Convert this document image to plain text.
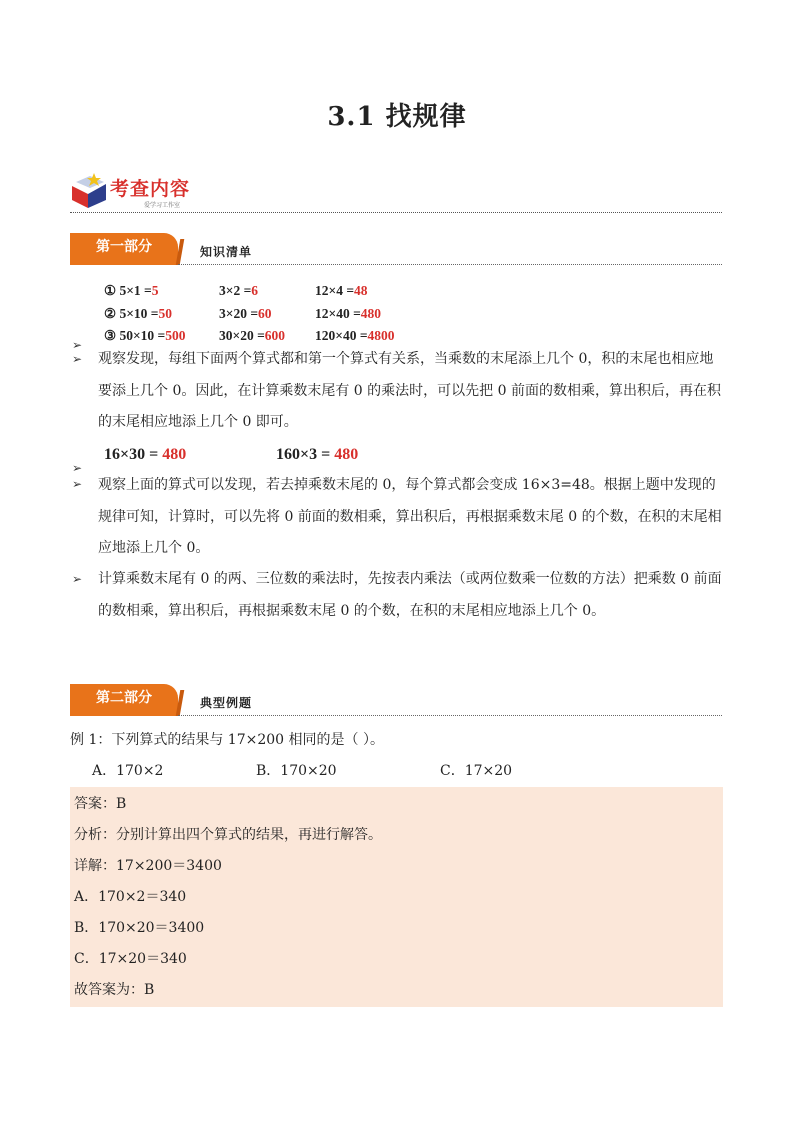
3.1 找规律
考查内容
爱学习工作室
第一部分	知识清单
① 5×1 =5	3×2 =6	12×4 =48
② 5×10 =50	3×20 =60	12×40 =480
③ 50×10 =500 30×20 =600 120×40 =4800
➢
➢ 观察发现，每组下面两个算式都和第一个算式有关系，当乘数的末尾添上几个 0，积的末尾也相应地要添上几个 0。因此，在计算乘数末尾有 0 的乘法时，可以先把 0 前面的数相乘，算出积后，再在积的末尾相应地添上几个 0 即可。
16×30 = 480	160×3 = 480
➢
➢ 观察上面的算式可以发现，若去掉乘数末尾的 0，每个算式都会变成 16×3=48。根据上题中发现的规律可知，计算时，可以先将 0 前面的数相乘，算出积后，再根据乘数末尾 0 的个数，在积的末尾相应地添上几个 0。
➢ 计算乘数末尾有 0 的两、三位数的乘法时，先按表内乘法（或两位数乘一位数的方法）把乘数 0 前面的数相乘，算出积后，再根据乘数末尾 0 的个数，在积的末尾相应地添上几个 0。
第二部分	典型例题
例 1：下列算式的结果与 17×200 相同的是（ ）。
A．170×2	B．170×20	C．17×20
答案：B
分析：分别计算出四个算式的结果，再进行解答。
详解：17×200＝3400
A．170×2＝340
B．170×20＝3400
C．17×20＝340
故答案为：B
